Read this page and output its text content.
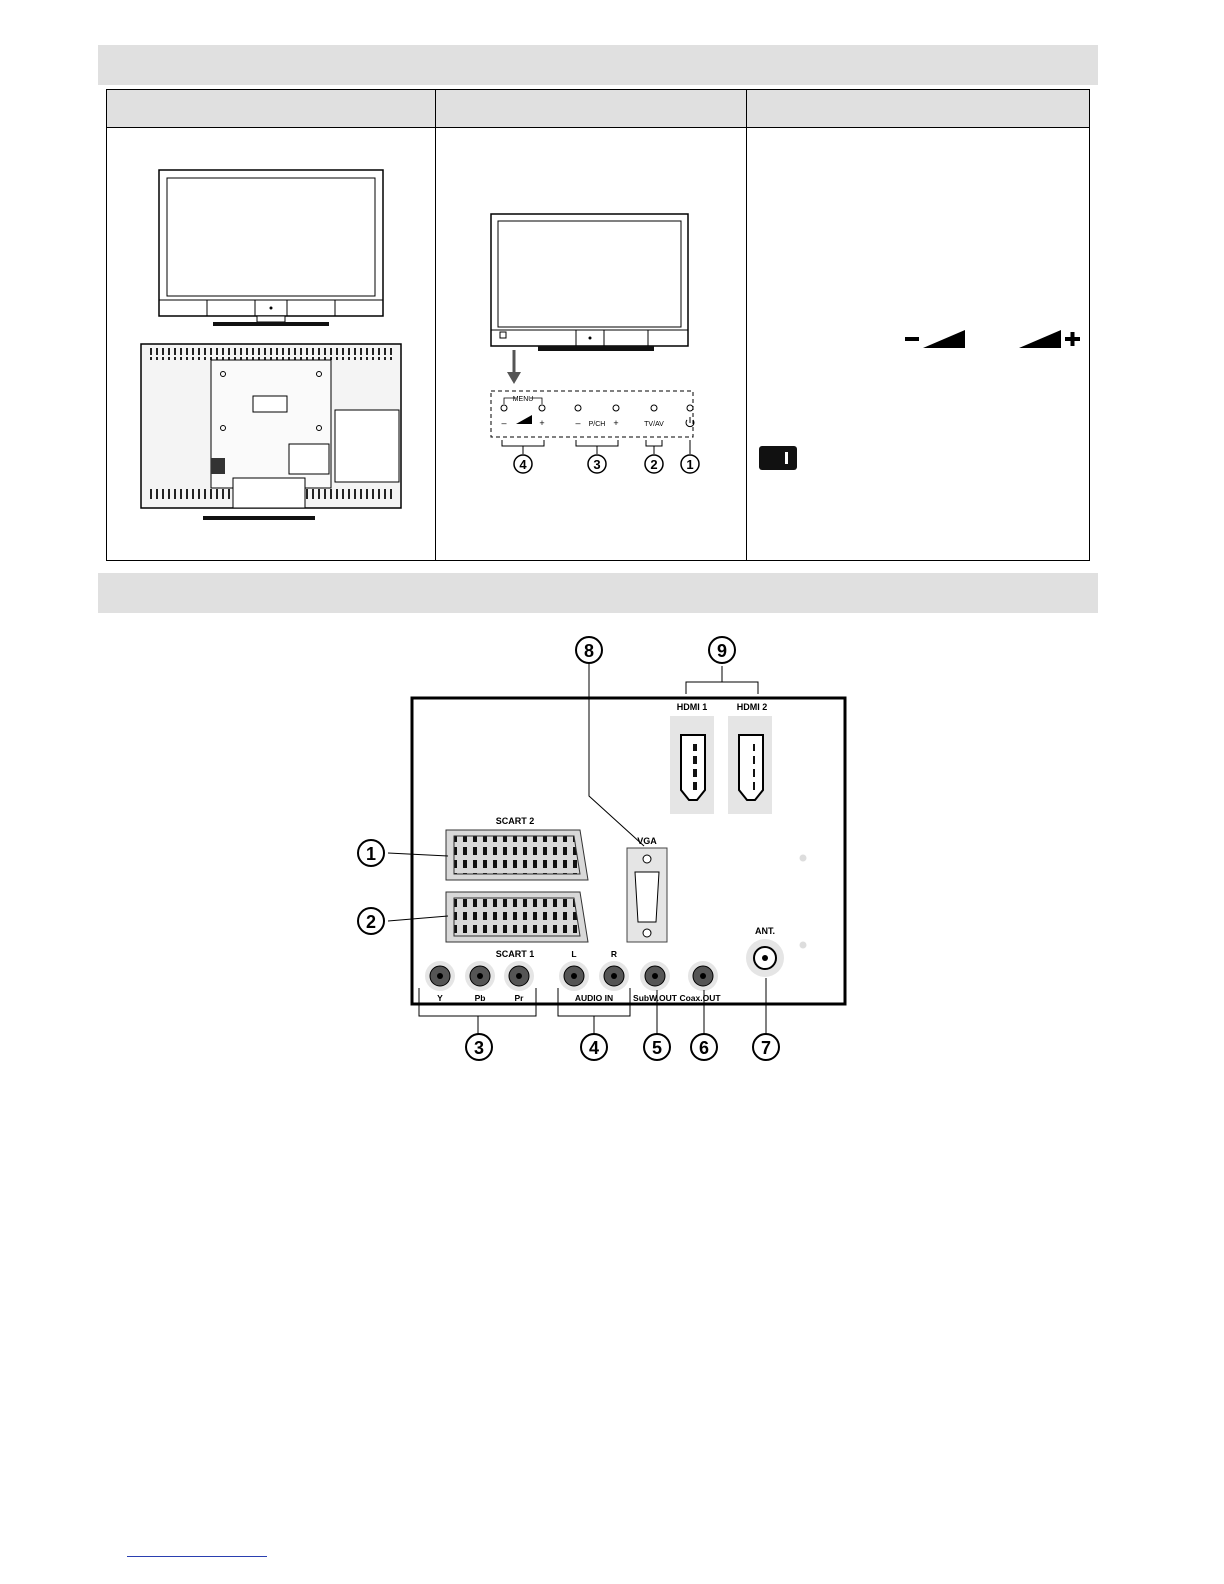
MENU
–	+	– P/CH +	TV/AV
4	3	2 1
SCART 2
SCART 1
VGA
HDMI 1	HDMI 2
ANT.
Y	Pb	Pr
L	R
AUDIO IN SubW.OUT Coax.OUT
1
2
3	4	5 6	7
8	9
